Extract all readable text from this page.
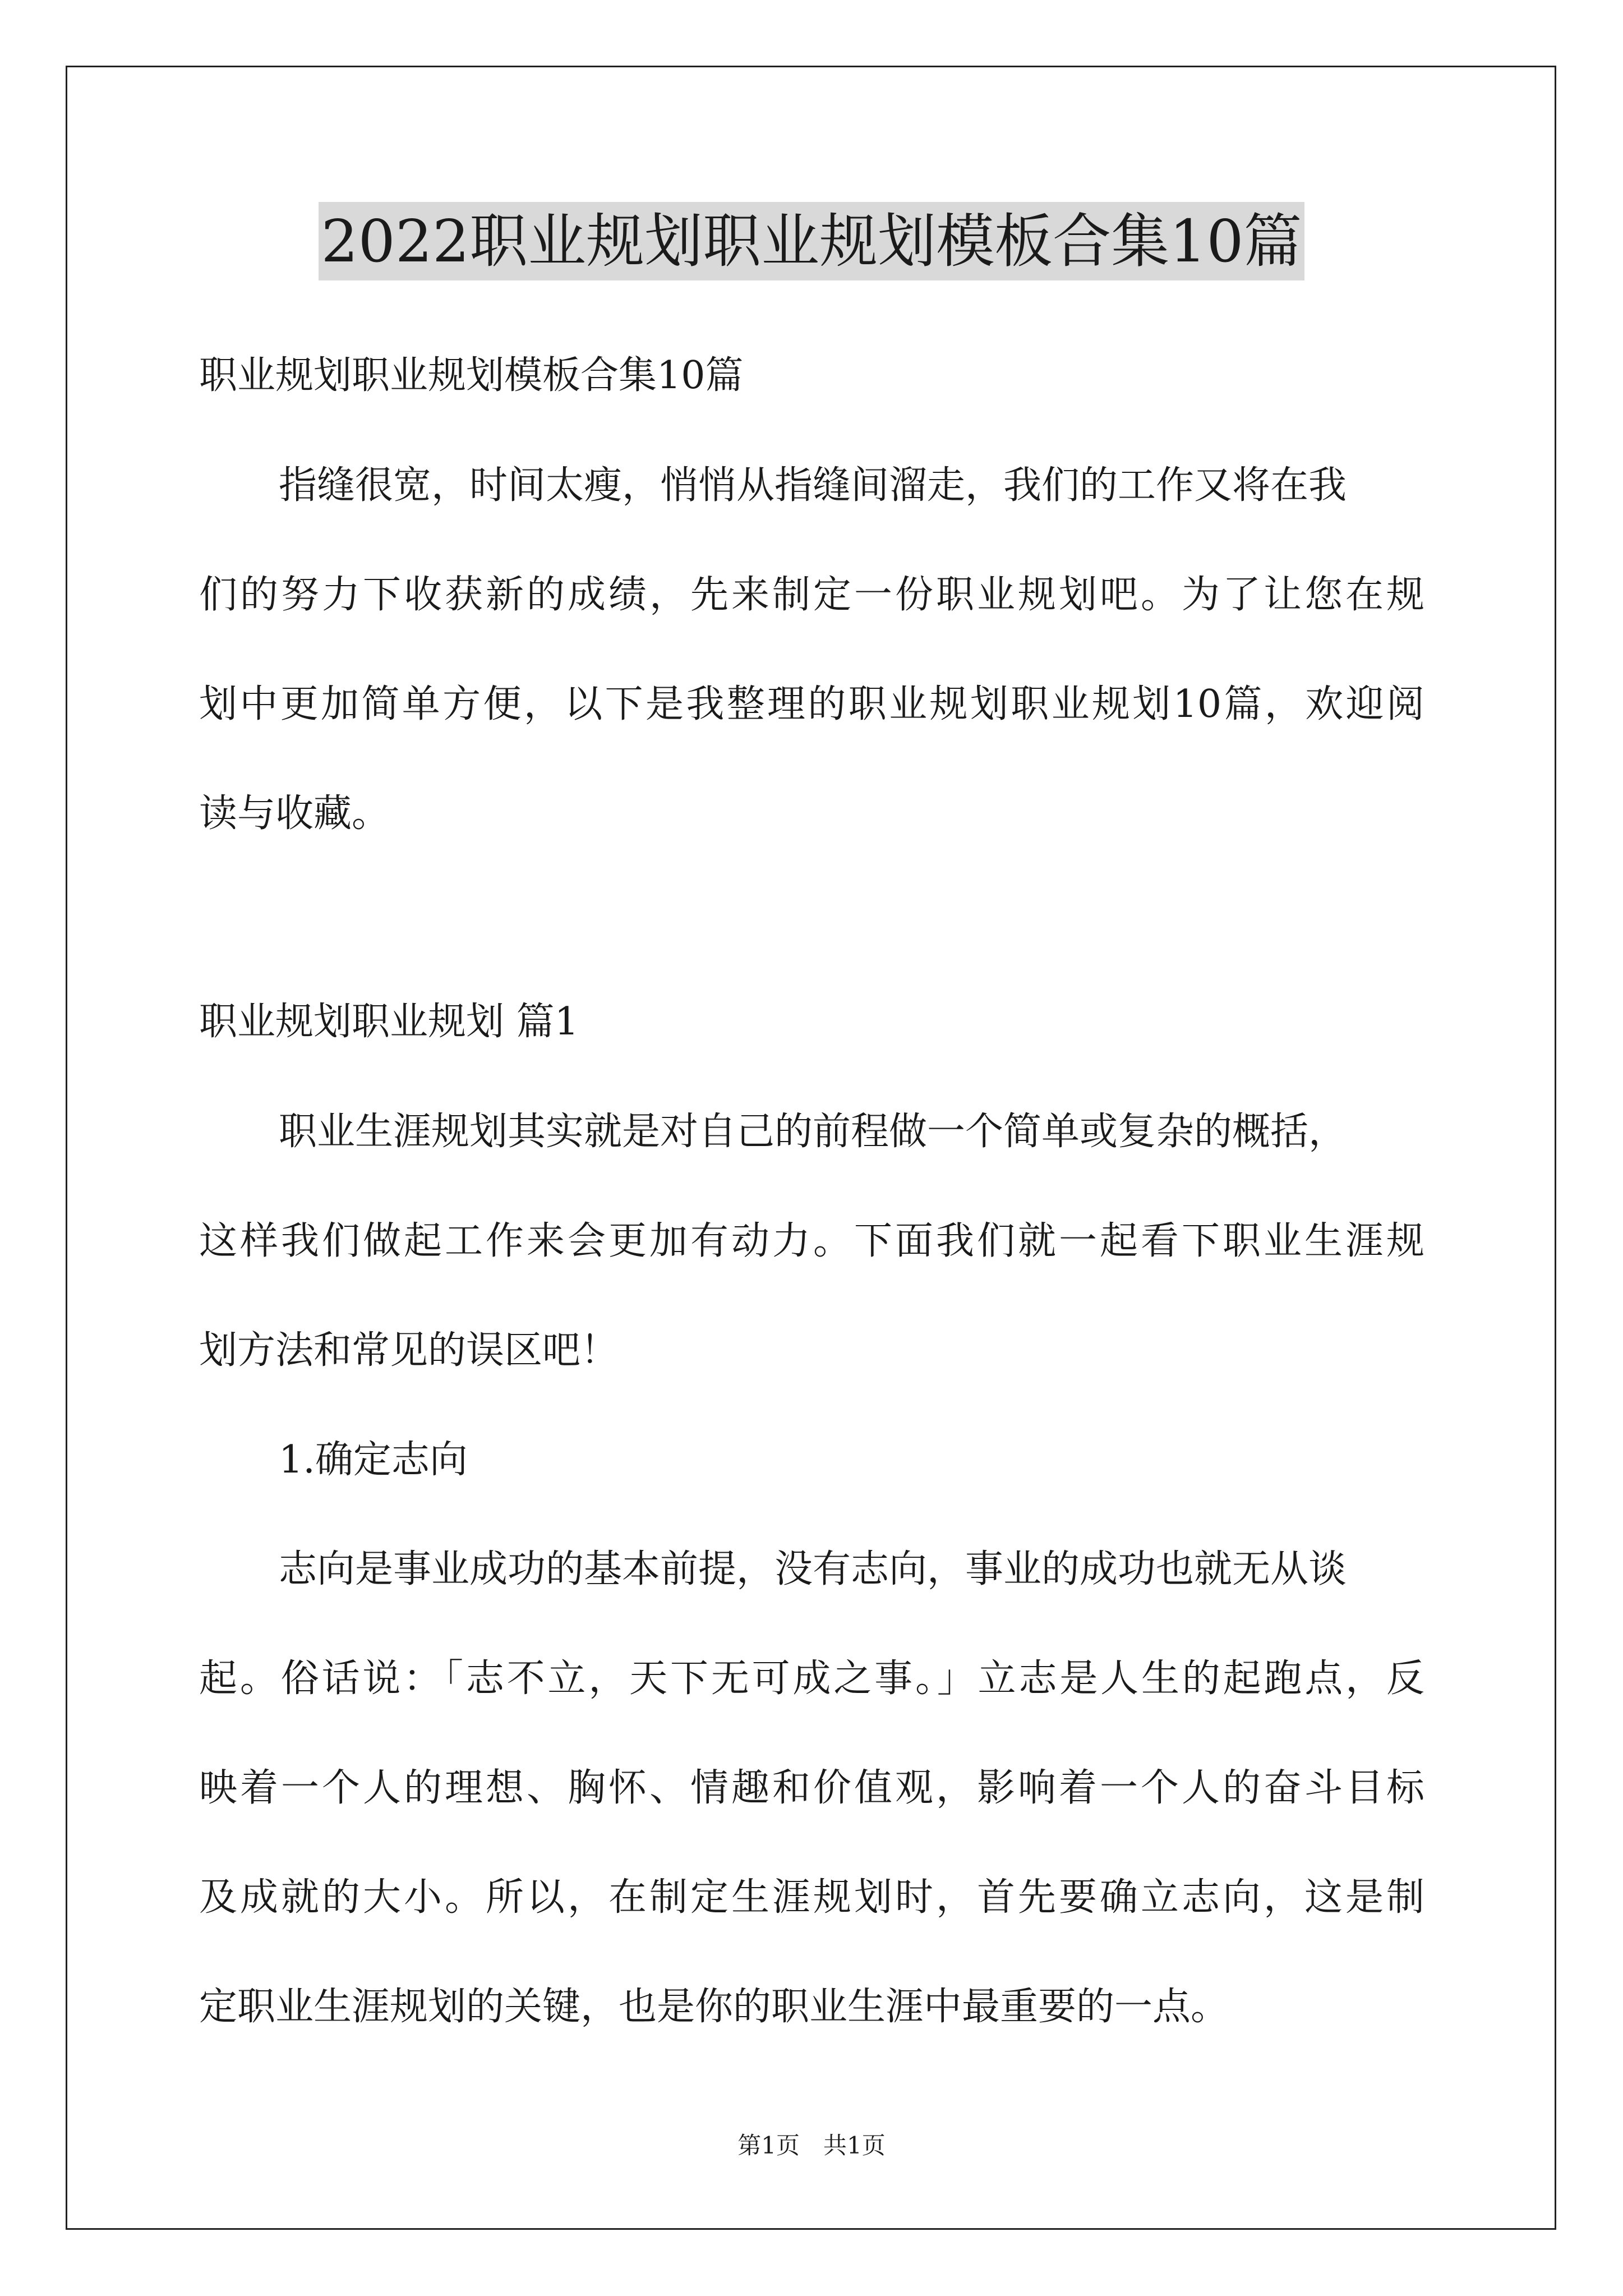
2022职业规划职业规划模板合集10篇
职业规划职业规划模板合集10篇
指缝很宽，时间太瘦，悄悄从指缝间溜走，我们的工作又将在我
们的努力下收获新的成绩，先来制定一份职业规划吧。为了让您在规
划中更加简单方便，以下是我整理的职业规划职业规划10篇，欢迎阅
读与收藏。
职业规划职业规划 篇1
职业生涯规划其实就是对自己的前程做一个简单或复杂的概括，
这样我们做起工作来会更加有动力。下面我们就一起看下职业生涯规
划方法和常见的误区吧！
1.确定志向
志向是事业成功的基本前提，没有志向，事业的成功也就无从谈
起。俗话说：「志不立，天下无可成之事。」立志是人生的起跑点，反
映着一个人的理想、胸怀、情趣和价值观，影响着一个人的奋斗目标
及成就的大小。所以，在制定生涯规划时，首先要确立志向，这是制
定职业生涯规划的关键，也是你的职业生涯中最重要的一点。
第1页　共1页
